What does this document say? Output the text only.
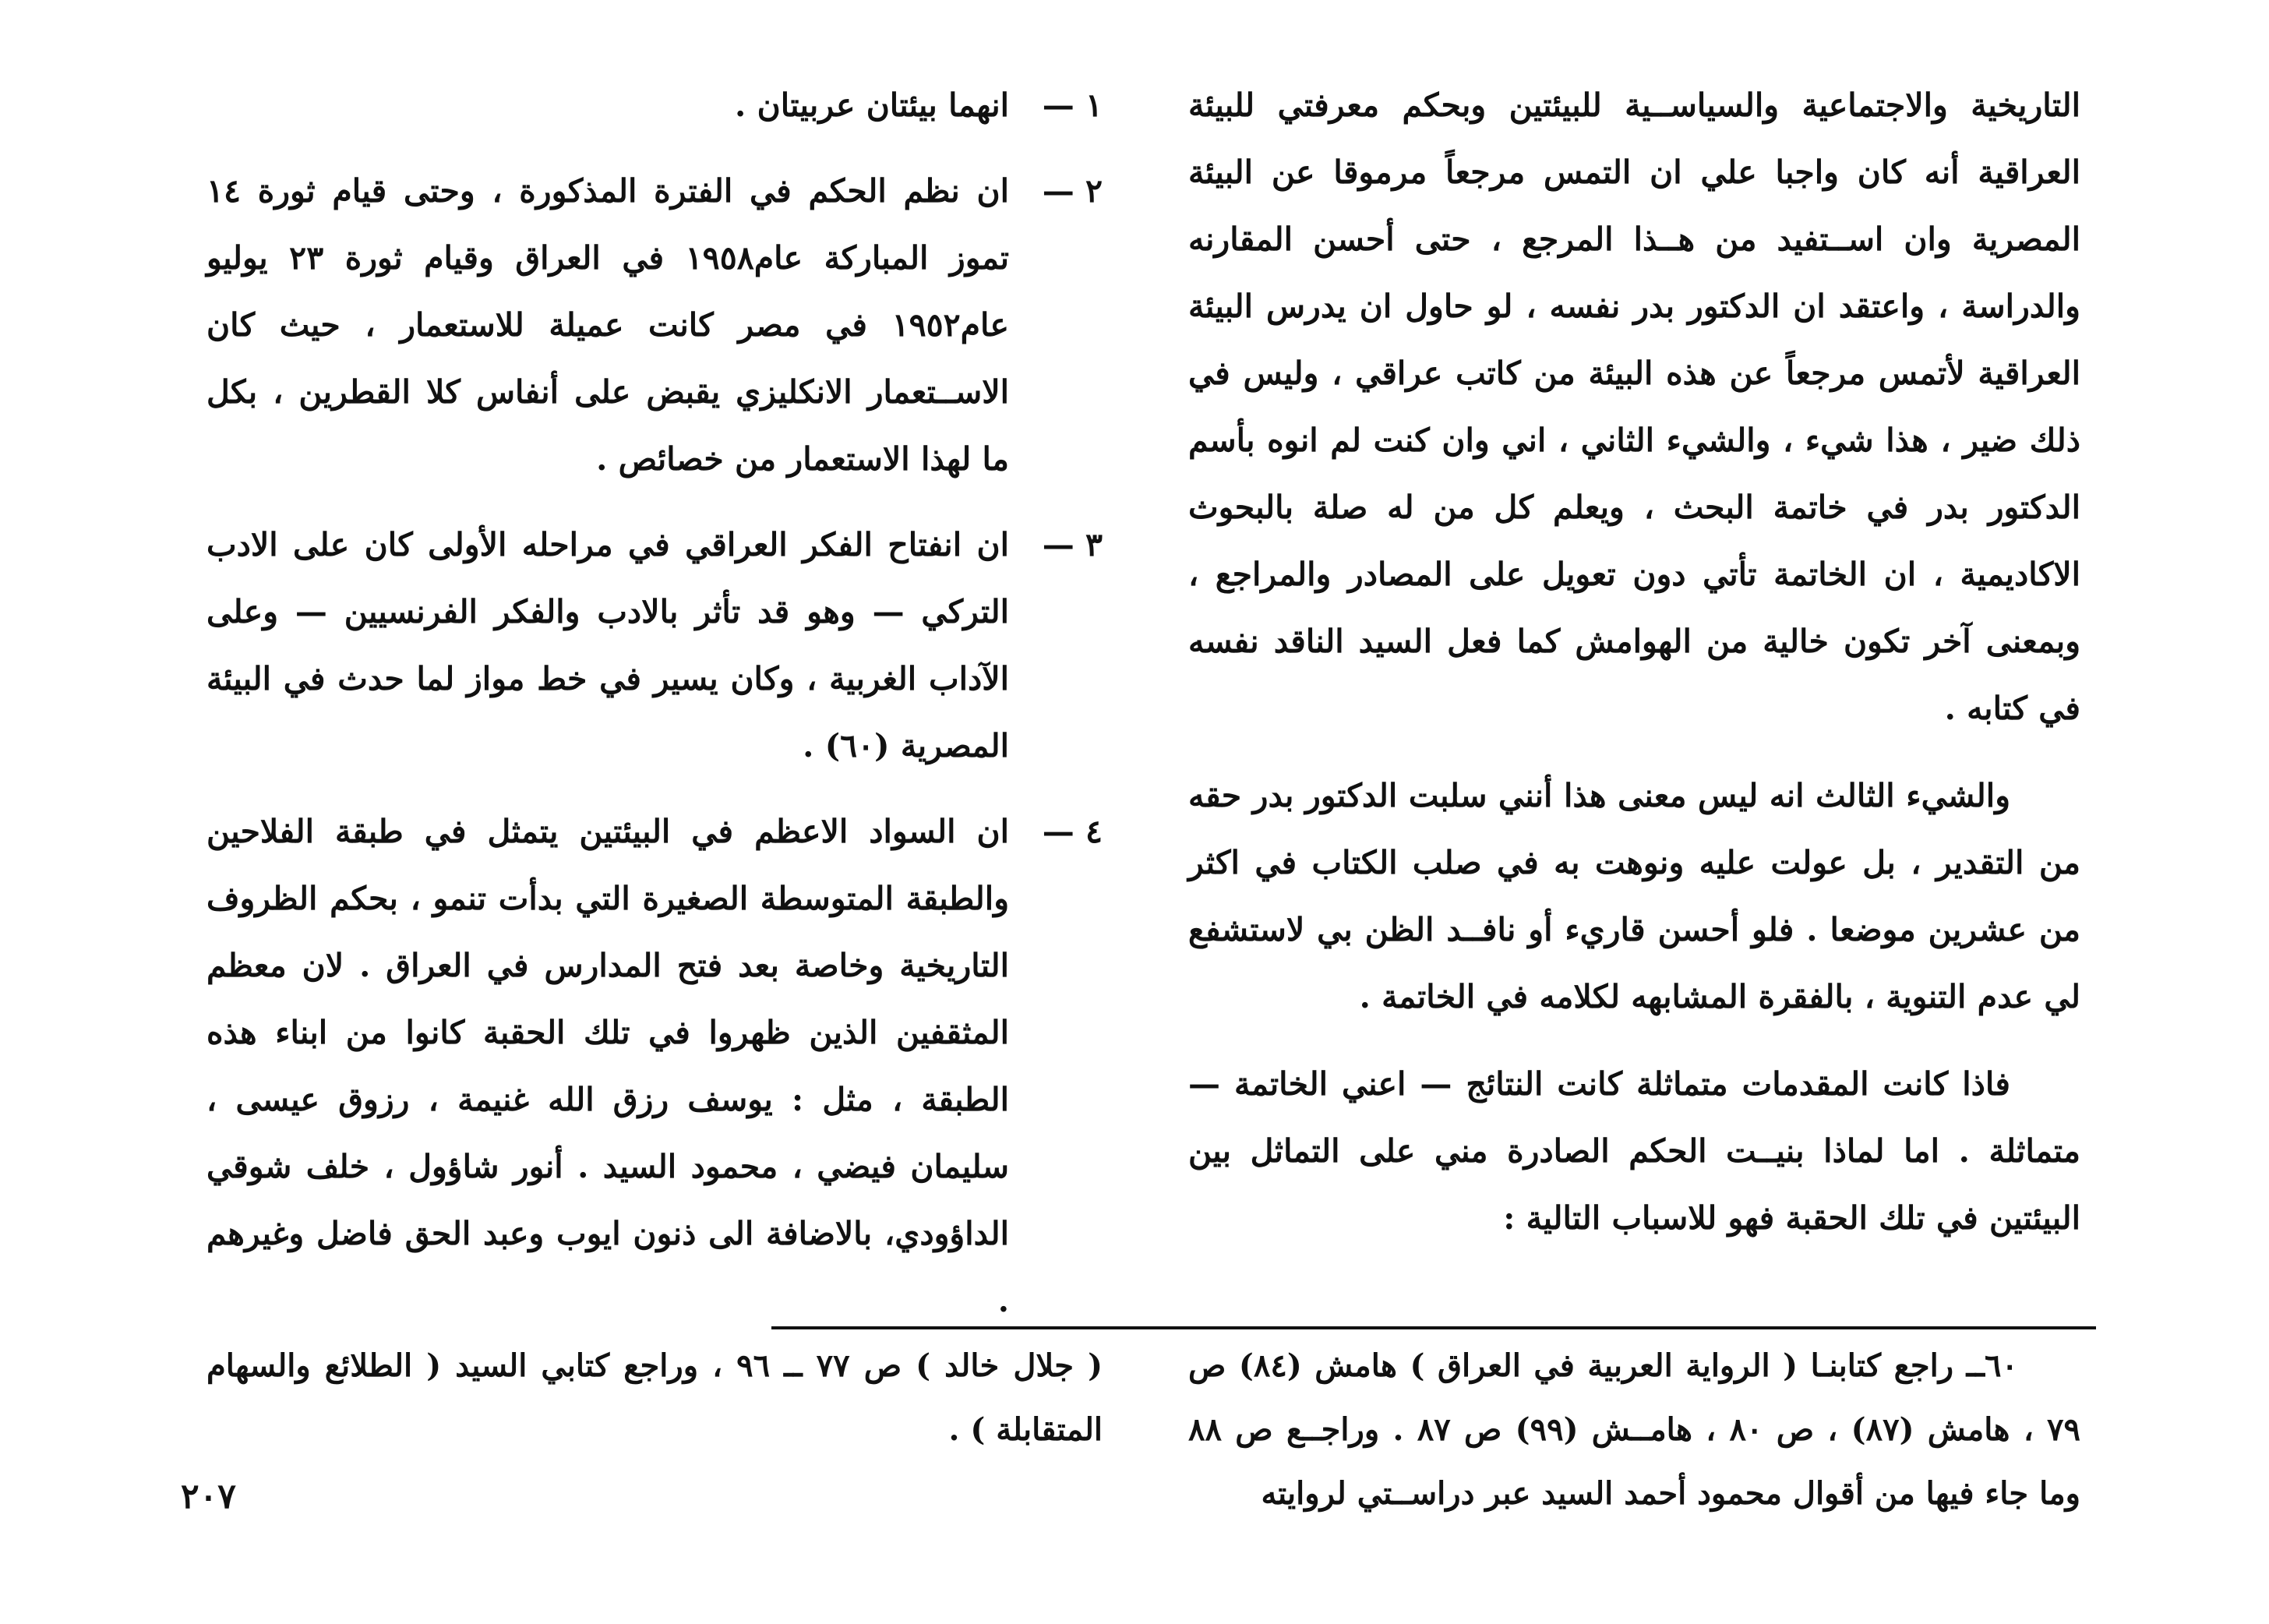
التاريخية والاجتماعية والسياســية للبيئتين وبحكم معرفتي للبيئة العراقية أنه كان واجبا علي ان التمس مرجعاً مرموقا عن البيئة المصرية وان اســتفيد من هــذا المرجع ، حتى أحسن المقارنه والدراسة ، واعتقد ان الدكتور بدر نفسه ، لو حاول ان يدرس البيئة العراقية لأتمس مرجعاً عن هذه البيئة من كاتب عراقي ، وليس في ذلك ضير ، هذا شيء ، والشيء الثاني ، اني وان كنت لم انوه بأسم الدكتور بدر في خاتمة البحث ، ويعلم كل من له صلة بالبحوث الاكاديمية ، ان الخاتمة تأتي دون تعويل على المصادر والمراجع ، وبمعنى آخر تكون خالية من الهوامش كما فعل السيد الناقد نفسه في كتابه .

والشيء الثالث انه ليس معنى هذا أنني سلبت الدكتور بدر حقه من التقدير ، بل عولت عليه ونوهت به في صلب الكتاب في اكثر من عشرين موضعا . فلو أحسن قاريء أو نافــد الظن بي لاستشفع لي عدم التنوية ، بالفقرة المشابهه لكلامه في الخاتمة .

فاذا كانت المقدمات متماثلة كانت النتائج — اعني الخاتمة — متماثلة . اما لماذا بنيــت الحكم الصادرة مني على التماثل بين البيئتين في تلك الحقبة فهو للاسباب التالية :

١ —
انهما بيئتان عربيتان .
٢ —
ان نظم الحكم في الفترة المذكورة ، وحتى قيام ثورة ١٤ تموز المباركة عام١٩٥٨ في العراق وقيام ثورة ٢٣ يوليو عام١٩٥٢ في مصر كانت عميلة للاستعمار ، حيث كان الاســتعمار الانكليزي يقبض على أنفاس كلا القطرين ، بكل ما لهذا الاستعمار من خصائص .
٣ —
ان انفتاح الفكر العراقي في مراحله الأولى كان على الادب التركي — وهو قد تأثر بالادب والفكر الفرنسيين — وعلى الآداب الغربية ، وكان يسير في خط مواز لما حدث في البيئة المصرية (٦٠) .
٤ —
ان السواد الاعظم في البيئتين يتمثل في طبقة الفلاحين والطبقة المتوسطة الصغيرة التي بدأت تنمو ، بحكم الظروف التاريخية وخاصة بعد فتح المدارس في العراق . لان معظم المثقفين الذين ظهروا في تلك الحقبة كانوا من ابناء هذه الطبقة ، مثل : يوسف رزق الله غنيمة ، رزوق عيسى ، سليمان فيضي ، محمود السيد . أنور شاؤول ، خلف شوقي الداؤودي، بالاضافة الى ذنون ايوب وعبد الحق فاضل وغيرهم .

٦٠ــ راجع كتابنـا ( الرواية العربية في العراق ) هامش (٨٤) ص ٧٩ ، هامش (٨٧) ، ص ٨٠ ، هامــش (٩٩) ص ٨٧ . وراجــع ص ٨٨ وما جاء فيها من أقوال محمود أحمد السيد عبر دراســتي لروايته

( جلال خالد ) ص ٧٧ ــ ٩٦ ، وراجع كتابي السيد ( الطلائع والسهام المتقابلة ) .

٢٠٧
